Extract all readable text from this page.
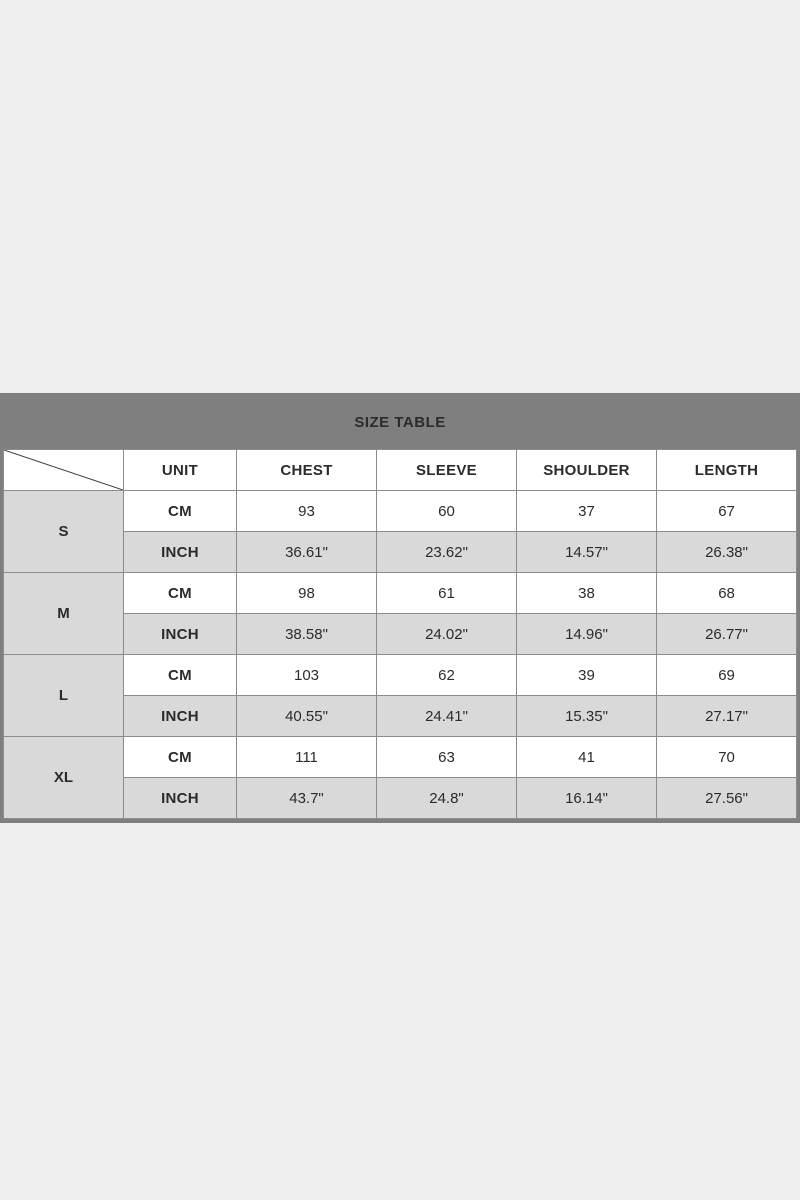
SIZE TABLE					

	UNIT	CHEST	SLEEVE	SHOULDER	LENGTH
S	CM	93	60	37	67
	INCH	36.61"	23.62"	14.57"	26.38"
M	CM	98	61	38	68
	INCH	38.58"	24.02"	14.96"	26.77"
L	CM	103	62	39	69
	INCH	40.55"	24.41"	15.35"	27.17"
XL	CM	111	63	41	70
	INCH	43.7"	24.8"	16.14"	27.56"
